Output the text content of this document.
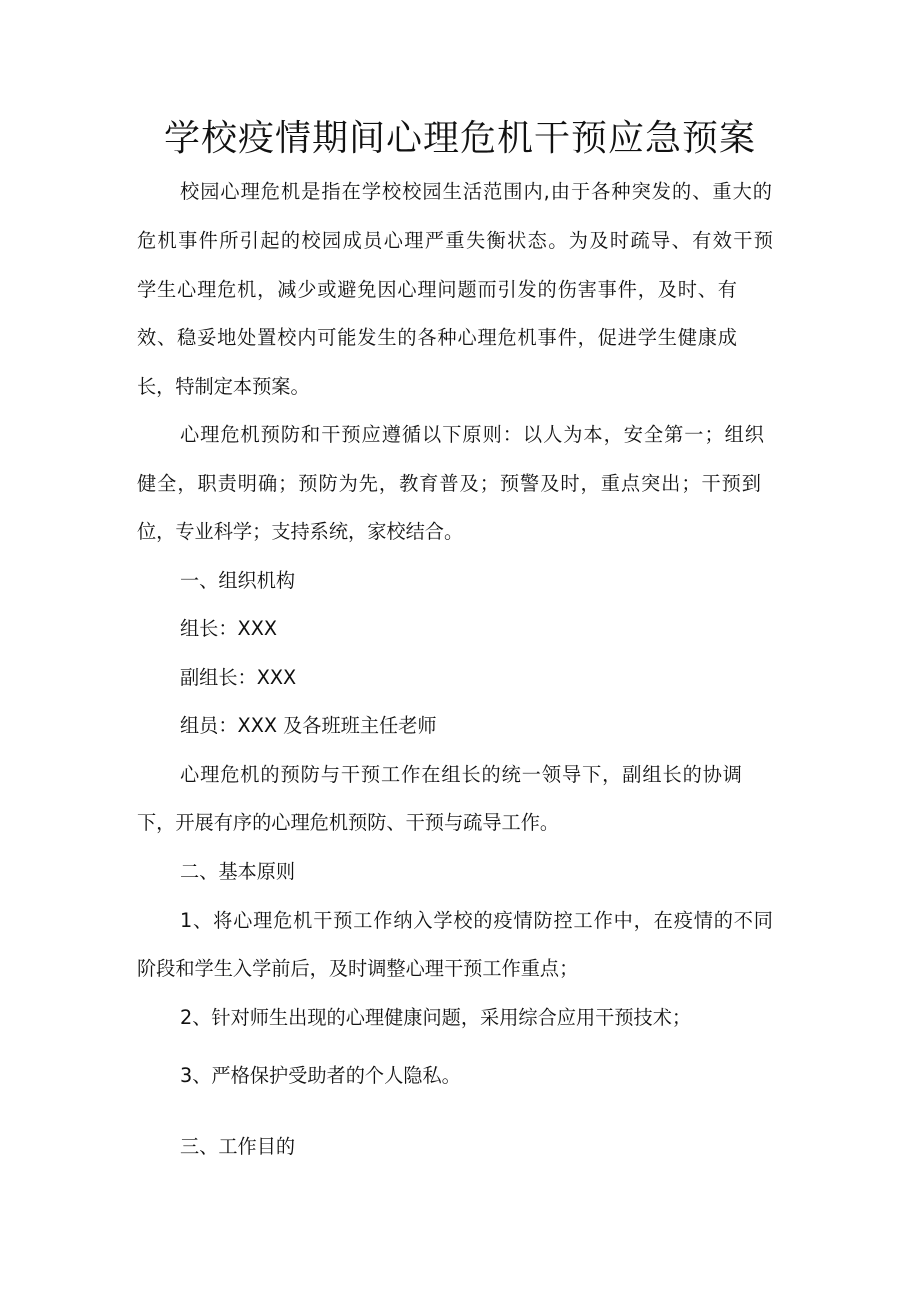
学校疫情期间心理危机干预应急预案
校园心理危机是指在学校校园生活范围内,由于各种突发的、重大的
危机事件所引起的校园成员心理严重失衡状态。为及时疏导、有效干预
学生心理危机，减少或避免因心理问题而引发的伤害事件，及时、有
效、稳妥地处置校内可能发生的各种心理危机事件，促进学生健康成
长，特制定本预案。
心理危机预防和干预应遵循以下原则：以人为本，安全第一；组织
健全，职责明确；预防为先，教育普及；预警及时，重点突出；干预到
位，专业科学；支持系统，家校结合。
一、组织机构
组长：XXX
副组长：XXX
组员：XXX 及各班班主任老师
心理危机的预防与干预工作在组长的统一领导下，副组长的协调
下，开展有序的心理危机预防、干预与疏导工作。
二、基本原则
1、将心理危机干预工作纳入学校的疫情防控工作中，在疫情的不同
阶段和学生入学前后，及时调整心理干预工作重点；
2、针对师生出现的心理健康问题，采用综合应用干预技术；
3、严格保护受助者的个人隐私。
三、工作目的
